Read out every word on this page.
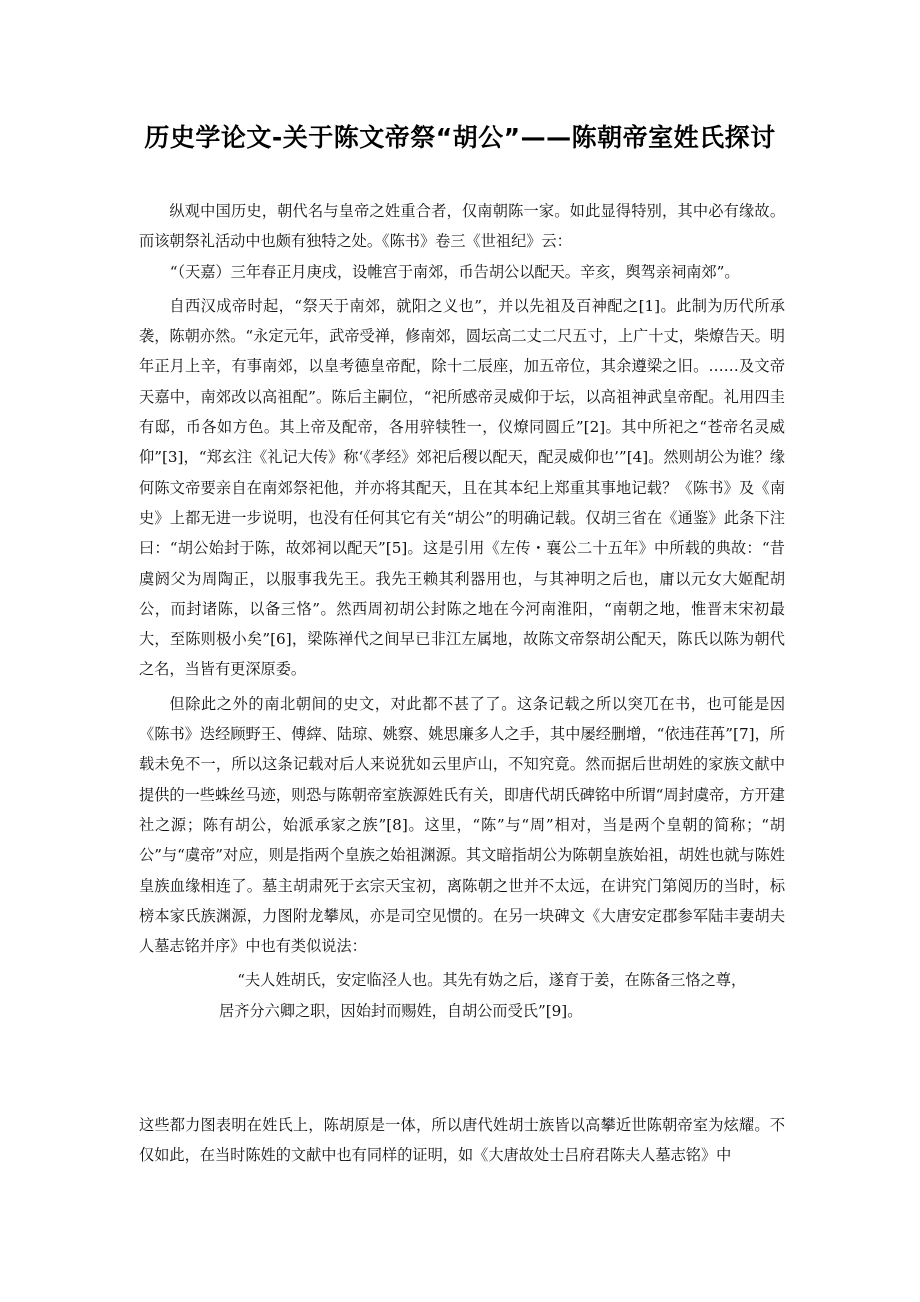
历史学论文-关于陈文帝祭“胡公”——陈朝帝室姓氏探讨

纵观中国历史，朝代名与皇帝之姓重合者，仅南朝陈一家。如此显得特别，其中必有缘故。而该朝祭礼活动中也颇有独特之处。《陈书》卷三《世祖纪》云：

“（天嘉）三年春正月庚戌，设帷宫于南郊，币告胡公以配天。辛亥，舆驾亲祠南郊”。

自西汉成帝时起，“祭天于南郊，就阳之义也”，并以先祖及百神配之[1]。此制为历代所承袭，陈朝亦然。“永定元年，武帝受禅，修南郊，圆坛高二丈二尺五寸，上广十丈，柴燎告天。明年正月上辛，有事南郊，以皇考德皇帝配，除十二辰座，加五帝位，其余遵梁之旧。……及文帝天嘉中，南郊改以高祖配”。陈后主嗣位，“祀所感帝灵威仰于坛，以高祖神武皇帝配。礼用四圭有邸，币各如方色。其上帝及配帝，各用骍犊牲一，仪燎同圆丘”[2]。其中所祀之“苍帝名灵威仰”[3]，“郑玄注《礼记大传》称‘《孝经》郊祀后稷以配天，配灵威仰也’”[4]。然则胡公为谁？缘何陈文帝要亲自在南郊祭祀他，并亦将其配天，且在其本纪上郑重其事地记载？《陈书》及《南史》上都无进一步说明，也没有任何其它有关“胡公”的明确记载。仅胡三省在《通鉴》此条下注曰：“胡公始封于陈，故郊祠以配天”[5]。这是引用《左传・襄公二十五年》中所载的典故：“昔虞阏父为周陶正，以服事我先王。我先王赖其利器用也，与其神明之后也，庸以元女大姬配胡公，而封诸陈，以备三恪”。然西周初胡公封陈之地在今河南淮阳，“南朝之地，惟晋末宋初最大，至陈则极小矣”[6]，梁陈禅代之间早已非江左属地，故陈文帝祭胡公配天，陈氏以陈为朝代之名，当皆有更深原委。

但除此之外的南北朝间的史文，对此都不甚了了。这条记载之所以突兀在书，也可能是因《陈书》迭经顾野王、傅縡、陆琼、姚察、姚思廉多人之手，其中屡经删增，“依违荏苒”[7]，所载未免不一，所以这条记载对后人来说犹如云里庐山，不知究竟。然而据后世胡姓的家族文献中提供的一些蛛丝马迹，则恐与陈朝帝室族源姓氏有关，即唐代胡氏碑铭中所谓“周封虞帝，方开建社之源；陈有胡公，始派承家之族”[8]。这里，“陈”与“周”相对，当是两个皇朝的简称；“胡公”与“虞帝”对应，则是指两个皇族之始祖渊源。其文暗指胡公为陈朝皇族始祖，胡姓也就与陈姓皇族血缘相连了。墓主胡肃死于玄宗天宝初，离陈朝之世并不太远，在讲究门第阅历的当时，标榜本家氏族渊源，力图附龙攀凤，亦是司空见惯的。在另一块碑文《大唐安定郡参军陆丰妻胡夫人墓志铭并序》中也有类似说法：

“夫人姓胡氏，安定临泾人也。其先有妫之后，遂育于姜，在陈备三恪之尊，居齐分六卿之职，因始封而赐姓，自胡公而受氏”[9]。

这些都力图表明在姓氏上，陈胡原是一体，所以唐代姓胡士族皆以高攀近世陈朝帝室为炫耀。不仅如此，在当时陈姓的文献中也有同样的证明，如《大唐故处士吕府君陈夫人墓志铭》中
